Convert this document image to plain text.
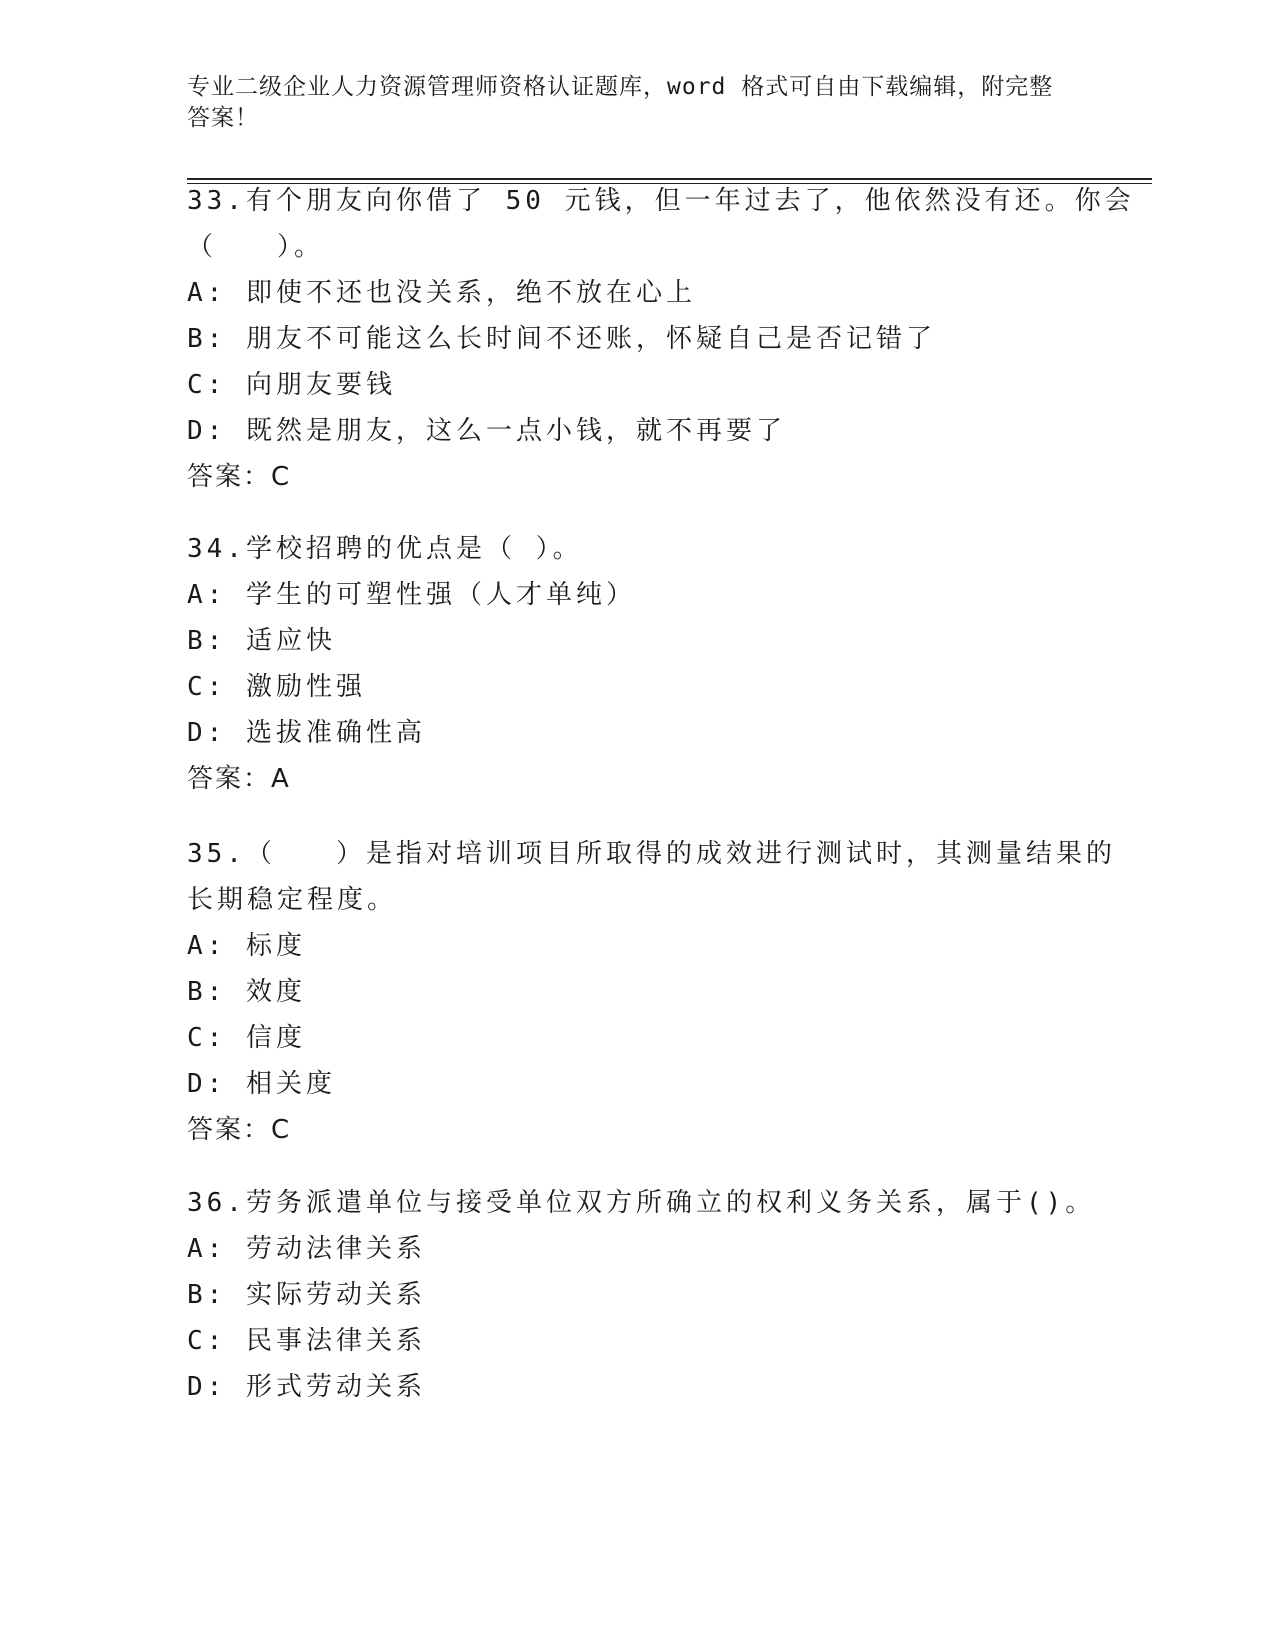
专业二级企业人力资源管理师资格认证题库，word 格式可自由下载编辑，附完整
答案！
33.有个朋友向你借了 50 元钱，但一年过去了，他依然没有还。你会
（　　）。
A: 即使不还也没关系，绝不放在心上
B: 朋友不可能这么长时间不还账，怀疑自己是否记错了
C: 向朋友要钱
D: 既然是朋友，这么一点小钱，就不再要了
答案：C
34.学校招聘的优点是（ ）。
A: 学生的可塑性强（人才单纯）
B: 适应快
C: 激励性强
D: 选拔准确性高
答案：A
35.（　　）是指对培训项目所取得的成效进行测试时，其测量结果的
长期稳定程度。
A: 标度
B: 效度
C: 信度
D: 相关度
答案：C
36.劳务派遣单位与接受单位双方所确立的权利义务关系，属于()。
A: 劳动法律关系
B: 实际劳动关系
C: 民事法律关系
D: 形式劳动关系
